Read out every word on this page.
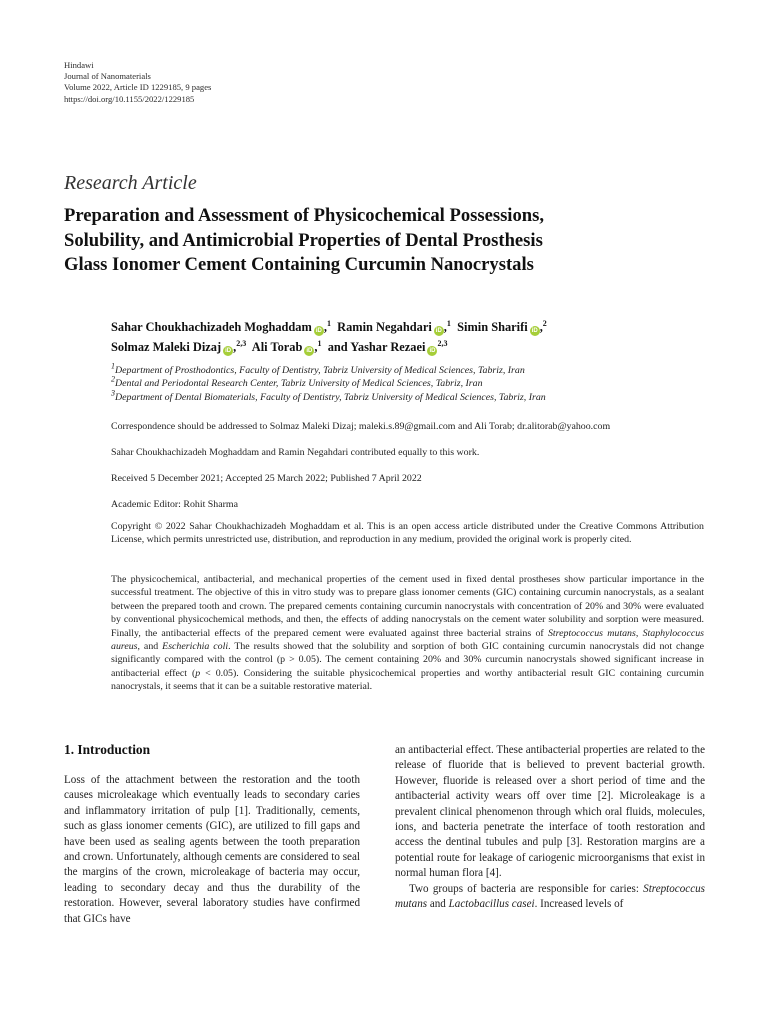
Hindawi
Journal of Nanomaterials
Volume 2022, Article ID 1229185, 9 pages
https://doi.org/10.1155/2022/1229185
Research Article
Preparation and Assessment of Physicochemical Possessions,
Solubility, and Antimicrobial Properties of Dental Prosthesis
Glass Ionomer Cement Containing Curcumin Nanocrystals
Sahar Choukhachizadeh Moghaddam iD ,$^1$ Ramin Negahdari iD ,$^1$ Simin Sharifi iD ,$^2$
Solmaz Maleki Dizaj iD ,$^{2,3}$ Ali Torab iD ,$^1$ and Yashar Rezaei iD$^{2,3}$
$^1$Department of Prosthodontics, Faculty of Dentistry, Tabriz University of Medical Sciences, Tabriz, Iran
$^2$Dental and Periodontal Research Center, Tabriz University of Medical Sciences, Tabriz, Iran
$^3$Department of Dental Biomaterials, Faculty of Dentistry, Tabriz University of Medical Sciences, Tabriz, Iran
Correspondence should be addressed to Solmaz Maleki Dizaj; maleki.s.89@gmail.com and Ali Torab; dr.alitorab@yahoo.com
Sahar Choukhachizadeh Moghaddam and Ramin Negahdari contributed equally to this work.
Received 5 December 2021; Accepted 25 March 2022; Published 7 April 2022
Academic Editor: Rohit Sharma
Copyright © 2022 Sahar Choukhachizadeh Moghaddam et al. This is an open access article distributed under the Creative Commons Attribution License, which permits unrestricted use, distribution, and reproduction in any medium, provided the original work is properly cited.
The physicochemical, antibacterial, and mechanical properties of the cement used in fixed dental prostheses show particular importance in the successful treatment. The objective of this in vitro study was to prepare glass ionomer cements (GIC) containing curcumin nanocrystals, as a sealant between the prepared tooth and crown. The prepared cements containing curcumin nanocrystals with concentration of 20% and 30% were evaluated by conventional physicochemical methods, and then, the effects of adding nanocrystals on the cement water solubility and sorption were measured. Finally, the antibacterial effects of the prepared cement were evaluated against three bacterial strains of Streptococcus mutans, Staphylococcus aureus, and Escherichia coli. The results showed that the solubility and sorption of both GIC containing curcumin nanocrystals did not change significantly compared with the control (p > 0.05). The cement containing 20% and 30% curcumin nanocrystals showed significant increase in antibacterial effect (p < 0.05). Considering the suitable physicochemical properties and worthy antibacterial result GIC containing curcumin nanocrystals, it seems that it can be a suitable restorative material.
1. Introduction

Loss of the attachment between the restoration and the tooth causes microleakage which eventually leads to secondary caries and inflammatory irritation of pulp [1]. Traditionally, cements, such as glass ionomer cements (GIC), are utilized to fill gaps and have been used as sealing agents between the tooth preparation and crown. Unfortunately, although cements are considered to seal the margins of the crown, microleakage of bacteria may occur, leading to secondary decay and thus the durability of the restoration. However, several laboratory studies have confirmed that GICs have

an antibacterial effect. These antibacterial properties are related to the release of fluoride that is believed to prevent bacterial growth. However, fluoride is released over a short period of time and the antibacterial activity wears off over time [2]. Microleakage is a prevalent clinical phenomenon through which oral fluids, molecules, ions, and bacteria penetrate the interface of tooth restoration and access the dentinal tubules and pulp [3]. Restoration margins are a potential route for leakage of cariogenic microorganisms that exist in normal human flora [4].

Two groups of bacteria are responsible for caries: Streptococcus mutans and Lactobacillus casei. Increased levels of
